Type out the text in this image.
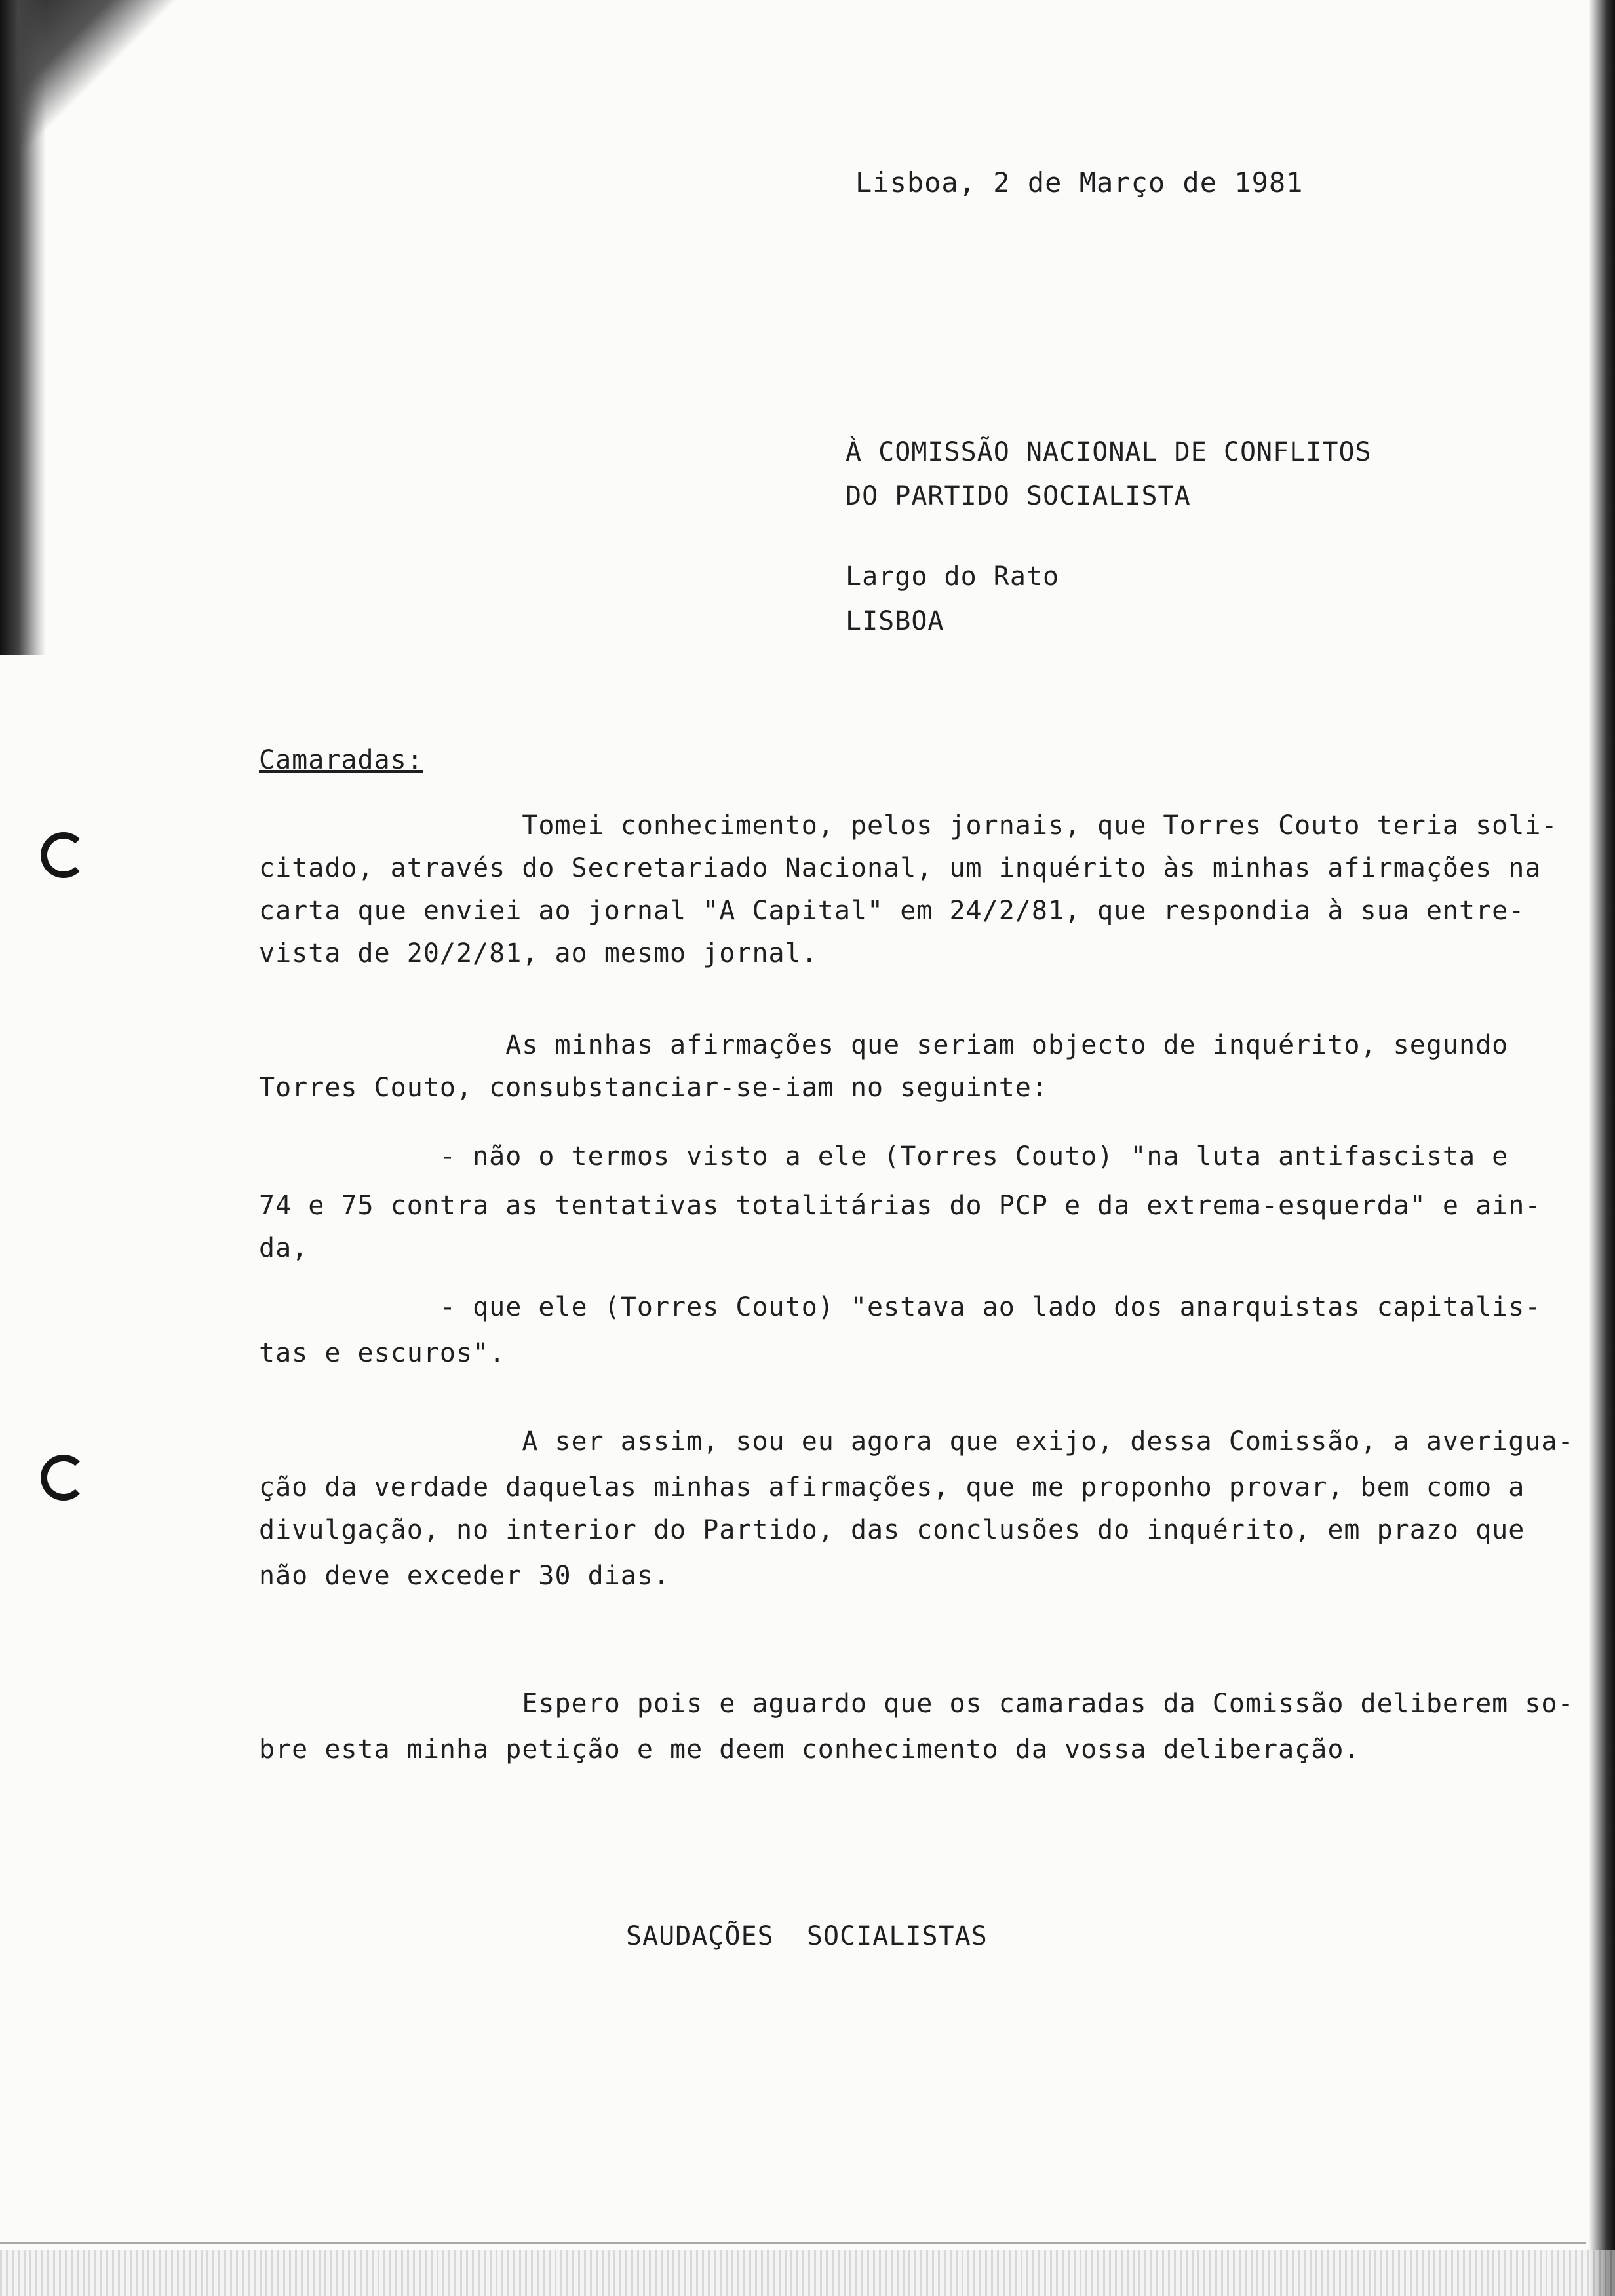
Lisboa, 2 de Março de 1981
À COMISSÃO NACIONAL DE CONFLITOS
DO PARTIDO SOCIALISTA
Largo do Rato
LISBOA
Camaradas:
Tomei conhecimento, pelos jornais, que Torres Couto teria soli-
citado, através do Secretariado Nacional, um inquérito às minhas afirmações na
carta que enviei ao jornal "A Capital" em 24/2/81, que respondia à sua entre-
vista de 20/2/81, ao mesmo jornal.
As minhas afirmações que seriam objecto de inquérito, segundo
Torres Couto, consubstanciar-se-iam no seguinte:
- não o termos visto a ele (Torres Couto) "na luta antifascista e
74 e 75 contra as tentativas totalitárias do PCP e da extrema-esquerda" e ain-
da,
- que ele (Torres Couto) "estava ao lado dos anarquistas capitalis-
tas e escuros".
A ser assim, sou eu agora que exijo, dessa Comissão, a averigua-
ção da verdade daquelas minhas afirmações, que me proponho provar, bem como a
divulgação, no interior do Partido, das conclusões do inquérito, em prazo que
não deve exceder 30 dias.
Espero pois e aguardo que os camaradas da Comissão deliberem so-
bre esta minha petição e me deem conhecimento da vossa deliberação.
SAUDAÇÕES  SOCIALISTAS
